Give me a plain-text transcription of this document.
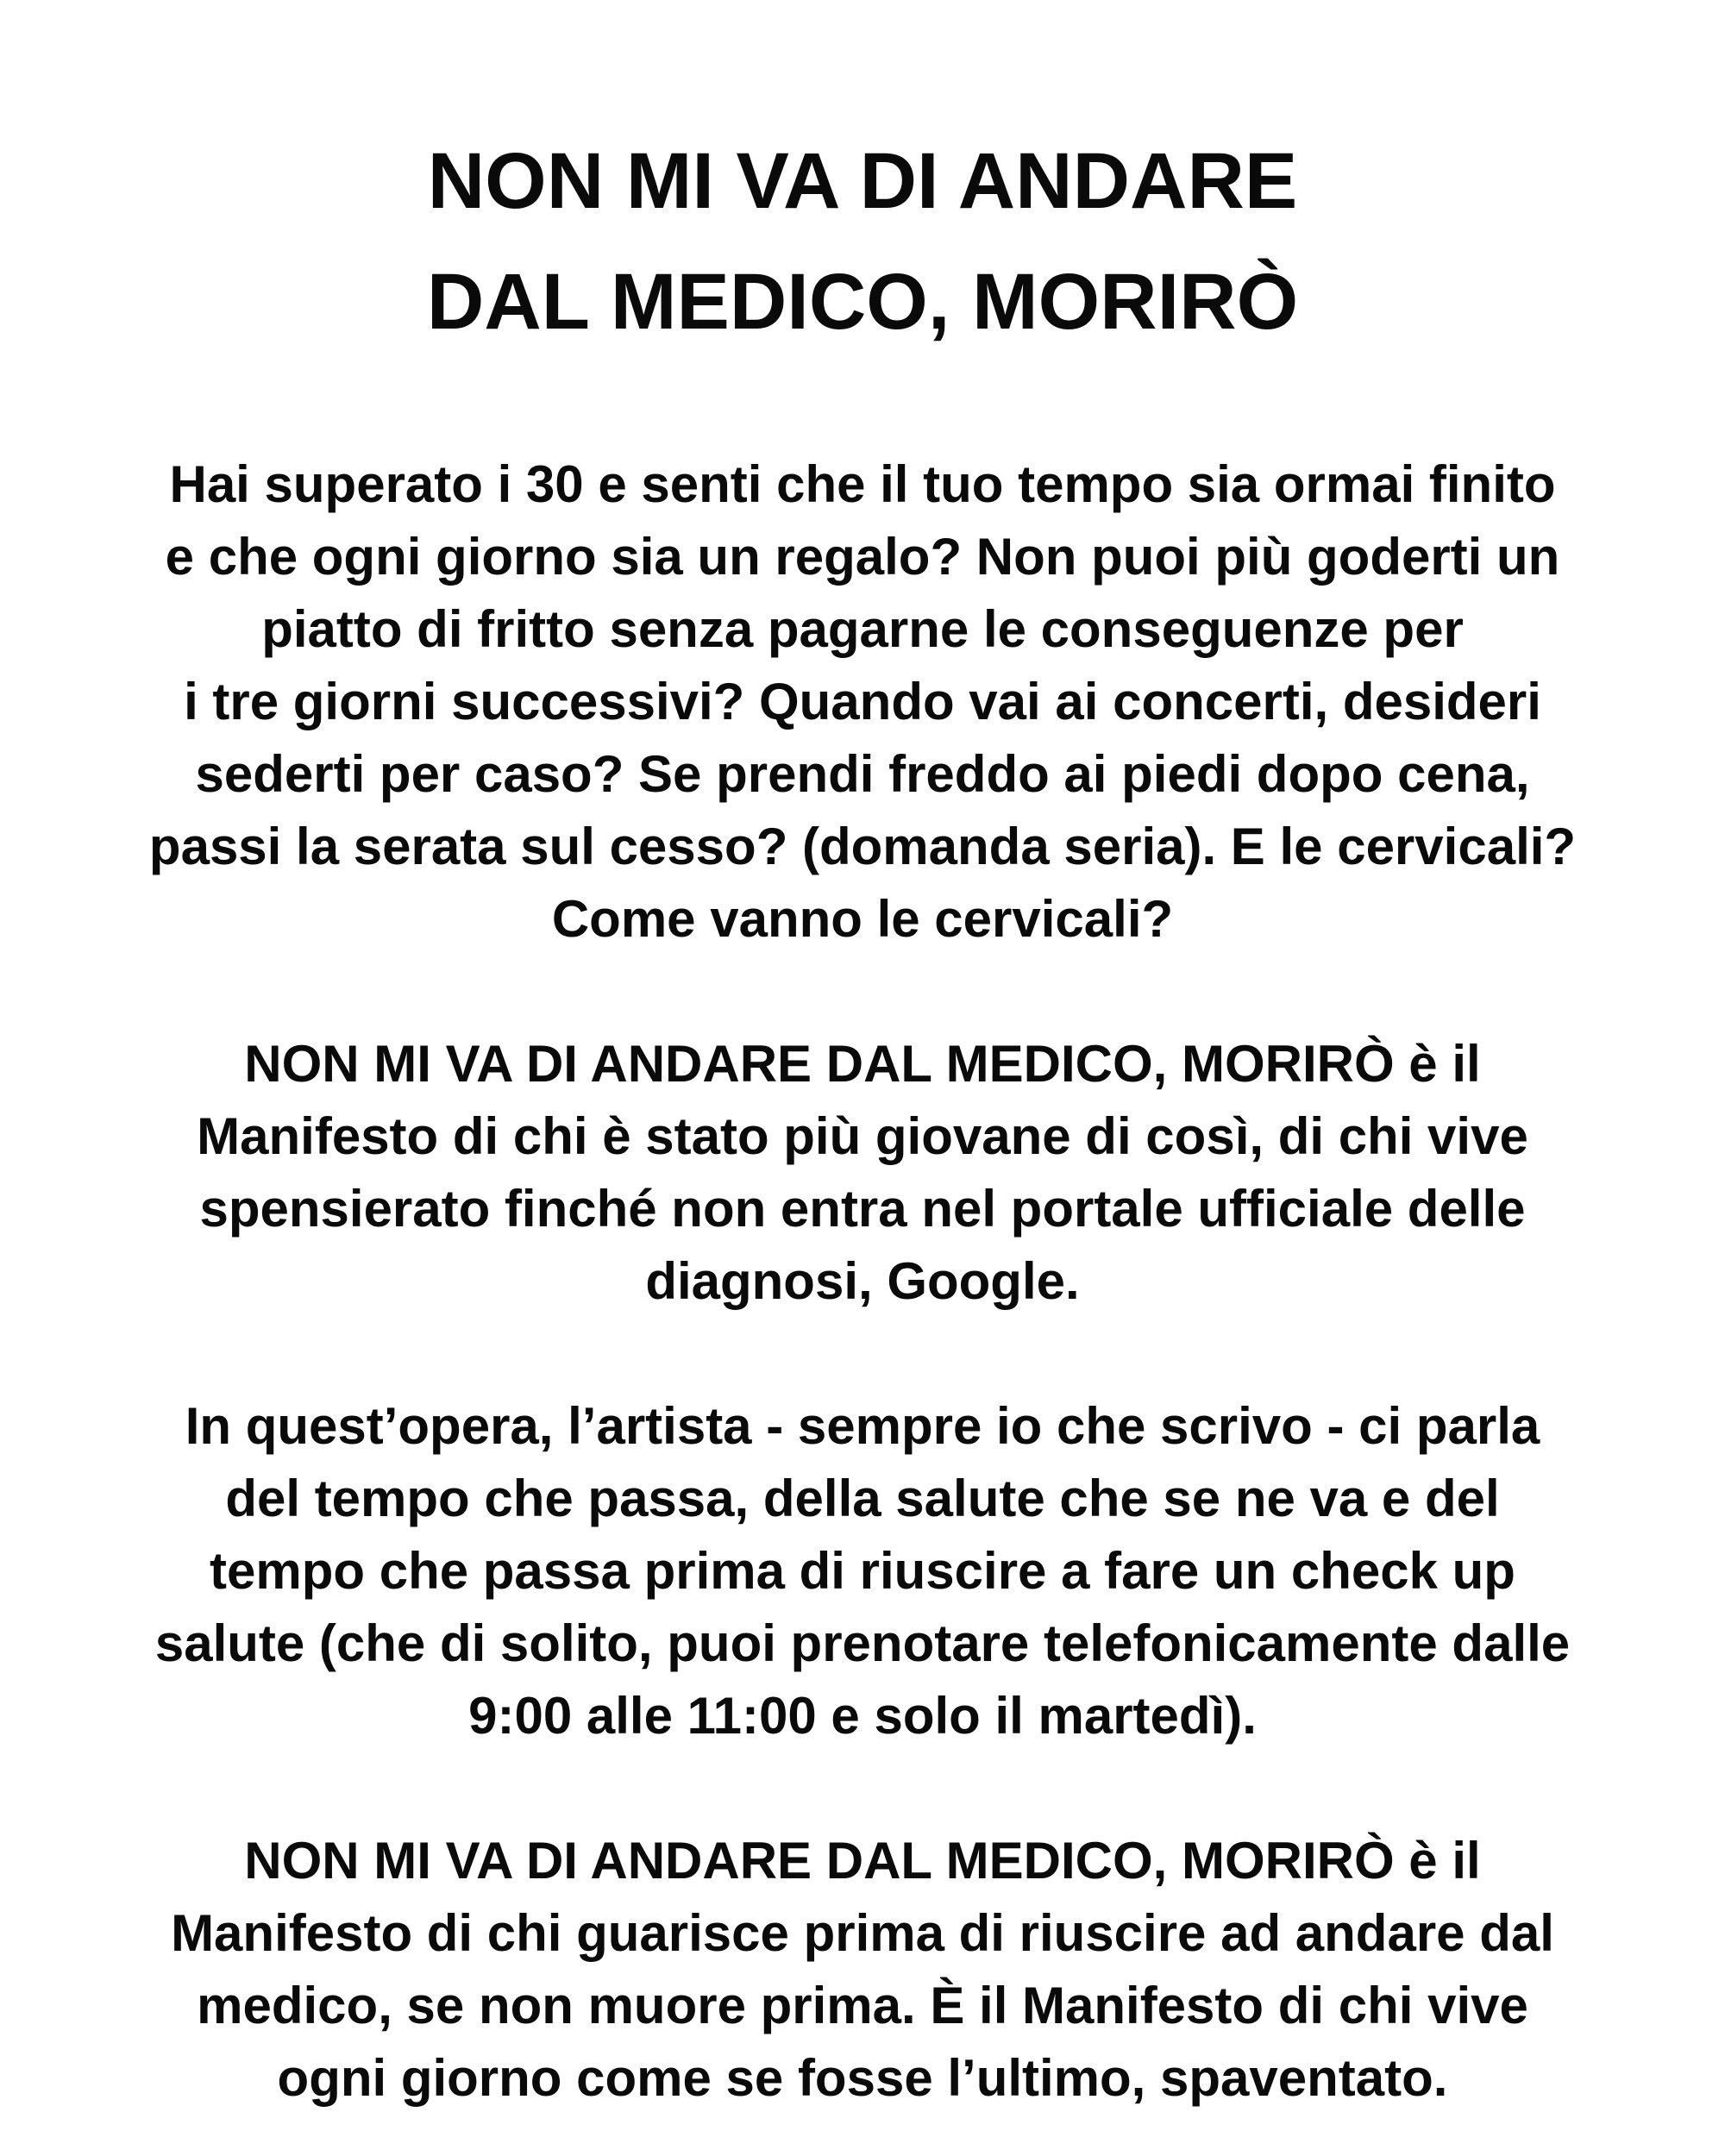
NON MI VA DI ANDARE
DAL MEDICO, MORIRÒ

Hai superato i 30 e senti che il tuo tempo sia ormai finito
e che ogni giorno sia un regalo? Non puoi più goderti un
piatto di fritto senza pagarne le conseguenze per
i tre giorni successivi? Quando vai ai concerti, desideri
sederti per caso? Se prendi freddo ai piedi dopo cena,
passi la serata sul cesso? (domanda seria). E le cervicali?
Come vanno le cervicali?

NON MI VA DI ANDARE DAL MEDICO, MORIRÒ è il
Manifesto di chi è stato più giovane di così, di chi vive
spensierato finché non entra nel portale ufficiale delle
diagnosi, Google.

In quest’opera, l’artista - sempre io che scrivo - ci parla
del tempo che passa, della salute che se ne va e del
tempo che passa prima di riuscire a fare un check up
salute (che di solito, puoi prenotare telefonicamente dalle
9:00 alle 11:00 e solo il martedì).

NON MI VA DI ANDARE DAL MEDICO, MORIRÒ è il
Manifesto di chi guarisce prima di riuscire ad andare dal
medico, se non muore prima. È il Manifesto di chi vive
ogni giorno come se fosse l’ultimo, spaventato.
